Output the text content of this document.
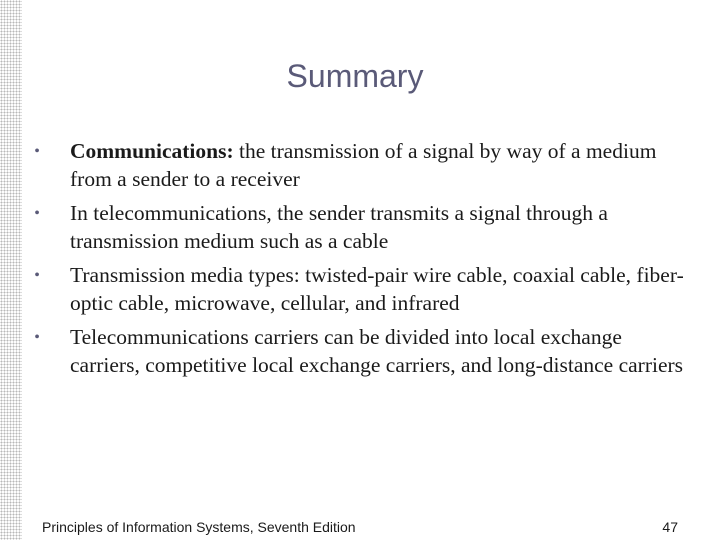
Summary
• Communications: the transmission of a signal by way of a medium from a sender to a receiver
• In telecommunications, the sender transmits a signal through a transmission medium such as a cable
• Transmission media types: twisted-pair wire cable, coaxial cable, fiber-optic cable, microwave, cellular, and infrared
• Telecommunications carriers can be divided into local exchange carriers, competitive local exchange carriers, and long-distance carriers
Principles of Information Systems, Seventh Edition	47
